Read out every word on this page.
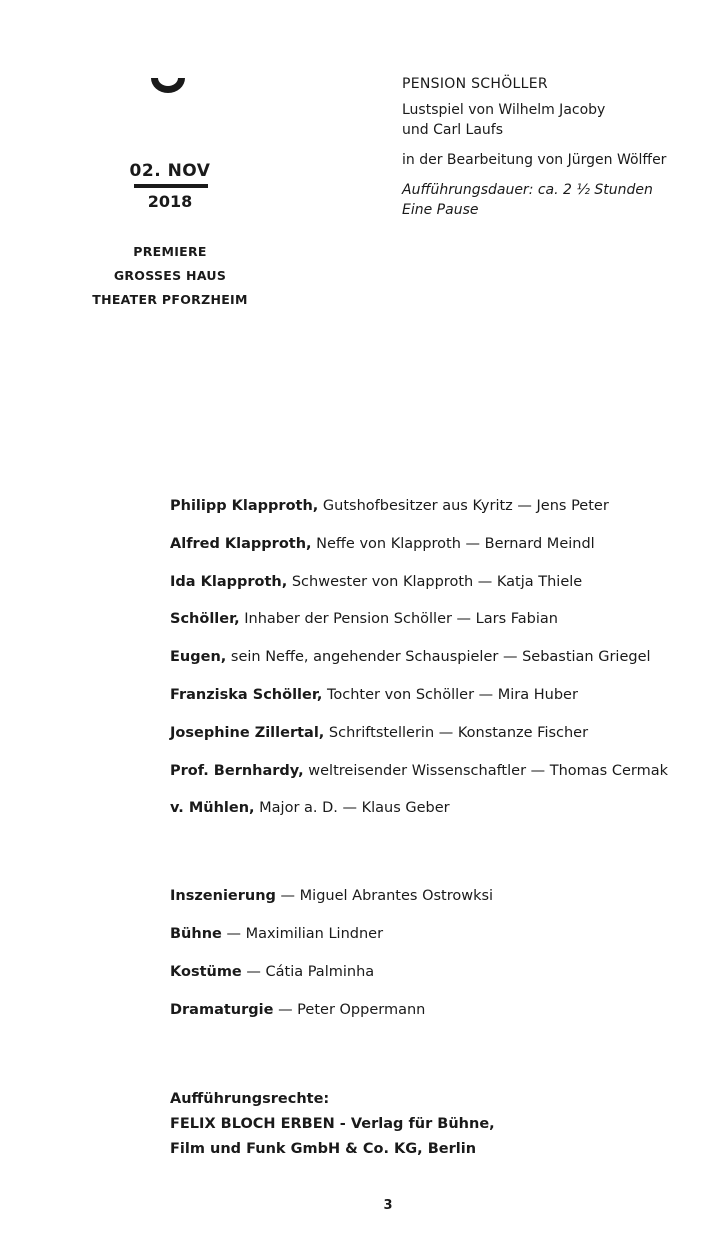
02. NOV
2018
PREMIERE
GROSSES HAUS
THEATER PFORZHEIM
PENSION SCHÖLLER
Lustspiel von Wilhelm Jacoby
und Carl Laufs
in der Bearbeitung von Jürgen Wölffer
Aufführungsdauer: ca. 2 ½ Stunden
Eine Pause
Philipp Klapproth, Gutshofbesitzer aus Kyritz — Jens Peter
Alfred Klapproth, Neffe von Klapproth — Bernard Meindl
Ida Klapproth, Schwester von Klapproth — Katja Thiele
Schöller, Inhaber der Pension Schöller — Lars Fabian
Eugen, sein Neffe, angehender Schauspieler — Sebastian Griegel
Franziska Schöller, Tochter von Schöller — Mira Huber
Josephine Zillertal, Schriftstellerin — Konstanze Fischer
Prof. Bernhardy, weltreisender Wissenschaftler — Thomas Cermak
v. Mühlen, Major a. D. — Klaus Geber
Inszenierung — Miguel Abrantes Ostrowksi
Bühne — Maximilian Lindner
Kostüme — Cátia Palminha
Dramaturgie — Peter Oppermann
Aufführungsrechte:
FELIX BLOCH ERBEN - Verlag für Bühne,
Film und Funk GmbH & Co. KG, Berlin
3
